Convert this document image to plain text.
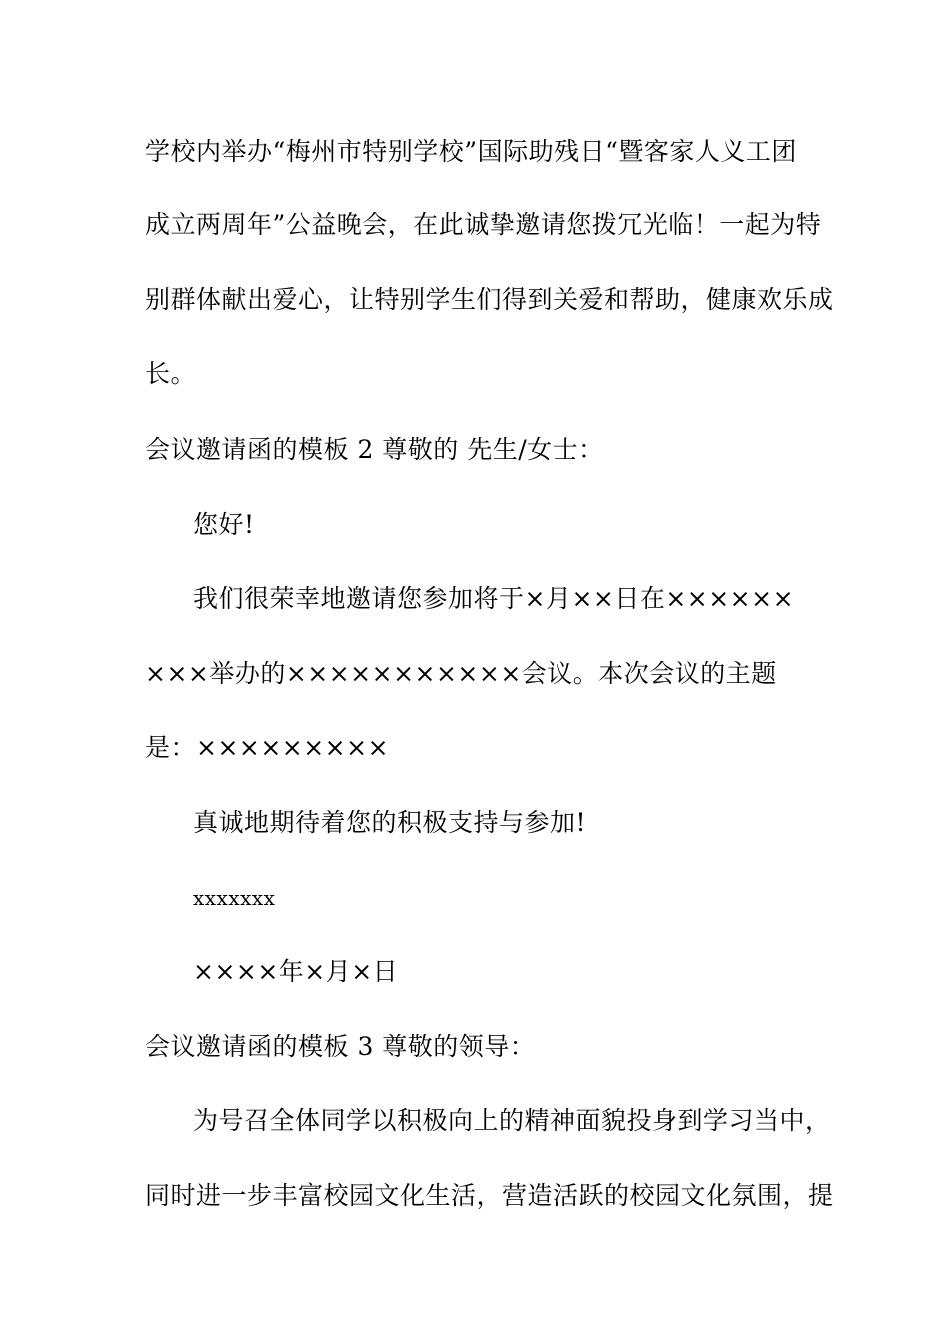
学校内举办“梅州市特别学校”国际助残日“暨客家人义工团
成立两周年”公益晚会，在此诚挚邀请您拨冗光临！一起为特
别群体献出爱心，让特别学生们得到关爱和帮助，健康欢乐成
长。
会议邀请函的模板 2 尊敬的 先生/女士：
您好!
我们很荣幸地邀请您参加将于×月××日在××××××
×××举办的×××××××××××会议。本次会议的主题
是：×××××××××
真诚地期待着您的积极支持与参加!
xxxxxxx
××××年×月×日
会议邀请函的模板 3 尊敬的领导：
为号召全体同学以积极向上的精神面貌投身到学习当中，
同时进一步丰富校园文化生活，营造活跃的校园文化氛围，提
